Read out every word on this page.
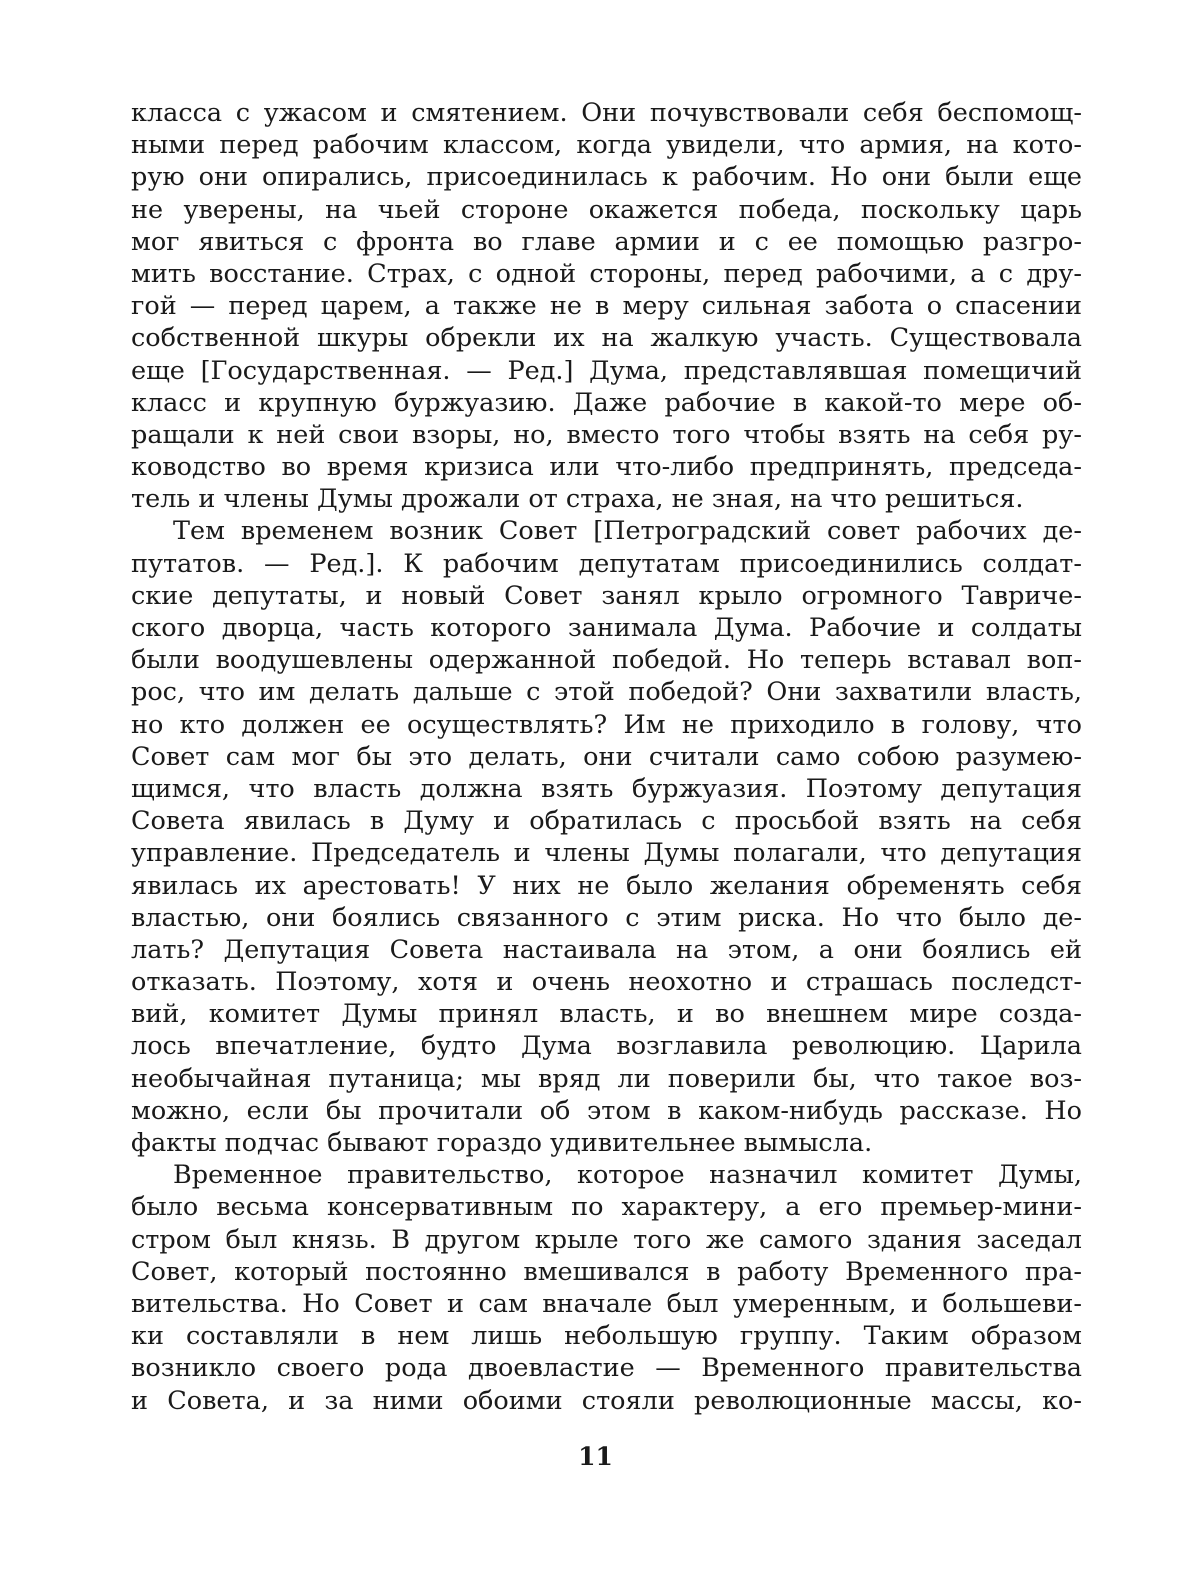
класса с ужасом и смятением. Они почувствовали себя беспомощ-
ными перед рабочим классом, когда увидели, что армия, на кото-
рую они опирались, присоединилась к рабочим. Но они были еще
не уверены, на чьей стороне окажется победа, поскольку царь
мог явиться с фронта во главе армии и с ее помощью разгро-
мить восстание. Страх, с одной стороны, перед рабочими, а с дру-
гой — перед царем, а также не в меру сильная забота о спасении
собственной шкуры обрекли их на жалкую участь. Существовала
еще [Государственная. — Ред.] Дума, представлявшая помещичий
класс и крупную буржуазию. Даже рабочие в какой-то мере об-
ращали к ней свои взоры, но, вместо того чтобы взять на себя ру-
ководство во время кризиса или что-либо предпринять, председа-
тель и члены Думы дрожали от страха, не зная, на что решиться.
Тем временем возник Совет [Петроградский совет рабочих де-
путатов. — Ред.]. К рабочим депутатам присоединились солдат-
ские депутаты, и новый Совет занял крыло огромного Тавриче-
ского дворца, часть которого занимала Дума. Рабочие и солдаты
были воодушевлены одержанной победой. Но теперь вставал воп-
рос, что им делать дальше с этой победой? Они захватили власть,
но кто должен ее осуществлять? Им не приходило в голову, что
Совет сам мог бы это делать, они считали само собою разумею-
щимся, что власть должна взять буржуазия. Поэтому депутация
Совета явилась в Думу и обратилась с просьбой взять на себя
управление. Председатель и члены Думы полагали, что депутация
явилась их арестовать! У них не было желания обременять себя
властью, они боялись связанного с этим риска. Но что было де-
лать? Депутация Совета настаивала на этом, а они боялись ей
отказать. Поэтому, хотя и очень неохотно и страшась последст-
вий, комитет Думы принял власть, и во внешнем мире созда-
лось впечатление, будто Дума возглавила революцию. Царила
необычайная путаница; мы вряд ли поверили бы, что такое воз-
можно, если бы прочитали об этом в каком-нибудь рассказе. Но
факты подчас бывают гораздо удивительнее вымысла.
Временное правительство, которое назначил комитет Думы,
было весьма консервативным по характеру, а его премьер-мини-
стром был князь. В другом крыле того же самого здания заседал
Совет, который постоянно вмешивался в работу Временного пра-
вительства. Но Совет и сам вначале был умеренным, и большеви-
ки составляли в нем лишь небольшую группу. Таким образом
возникло своего рода двоевластие — Временного правительства
и Совета, и за ними обоими стояли революционные массы, ко-
11
